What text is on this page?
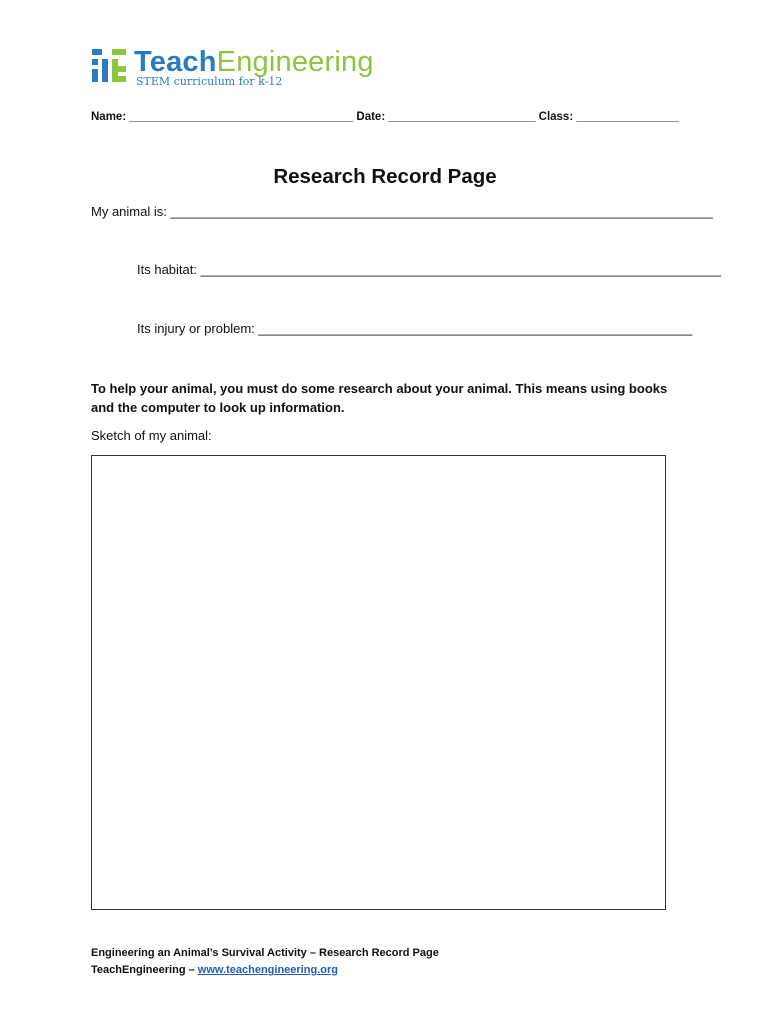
TeachEngineering
STEM curriculum for k-12
Name: ___________________________________ Date: _______________________ Class: ________________
Research Record Page
My animal is: ___________________________________________________________________________
Its habitat: ________________________________________________________________________
Its injury or problem: ____________________________________________________________
To help your animal, you must do some research about your animal. This means using books and the computer to look up information.
Sketch of my animal:
Engineering an Animal’s Survival Activity – Research Record Page
TeachEngineering – www.teachengineering.org
